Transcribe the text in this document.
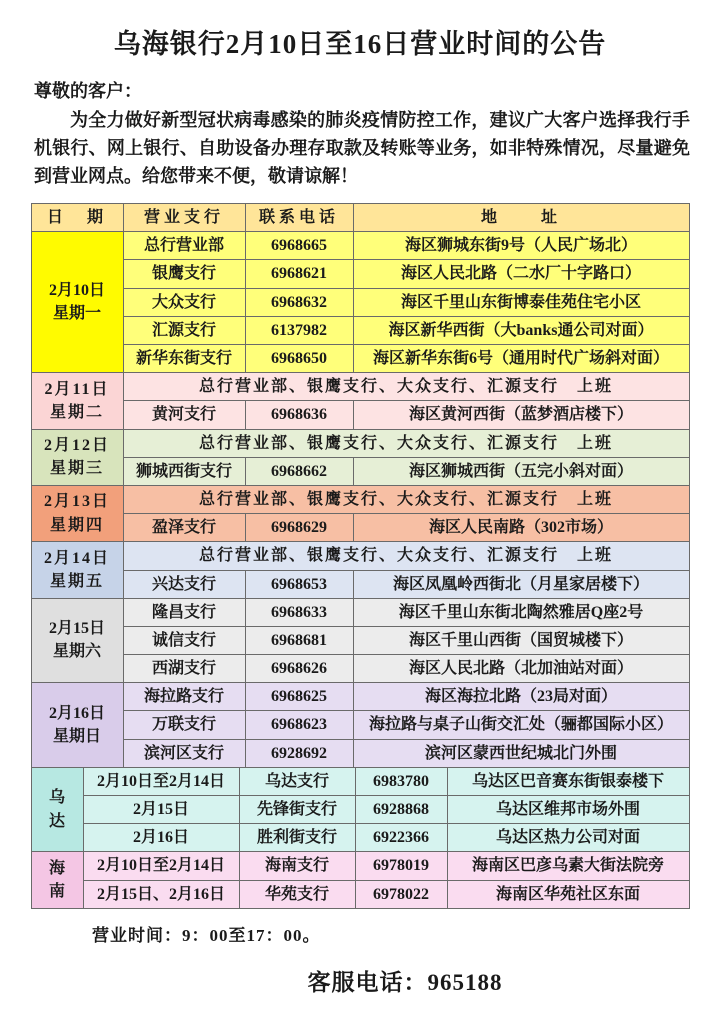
乌海银行2月10日至16日营业时间的公告
尊敬的客户：
为全力做好新型冠状病毒感染的肺炎疫情防控工作，建议广大客户选择我行手机银行、网上银行、自助设备办理存取款及转账等业务，如非特殊情况，尽量避免到营业网点。给您带来不便，敬请谅解！
日　期	营业支行	联系电话	地　　址

2月10日
星期一	总行营业部	6968665	海区狮城东街9号（人民广场北）
	银鹰支行	6968621	海区人民北路（二水厂十字路口）
	大众支行	6968632	海区千里山东街博泰佳苑住宅小区
	汇源支行	6137982	海区新华西街（大banks通公司对面）
	新华东街支行	6968650	海区新华东街6号（通用时代广场斜对面）

2月11日
星期二	总行营业部、银鹰支行、大众支行、汇源支行　上班		
	黄河支行	6968636	海区黄河西街（蓝梦酒店楼下）

2月12日
星期三	总行营业部、银鹰支行、大众支行、汇源支行　上班		
	狮城西街支行	6968662	海区狮城西街（五完小斜对面）

2月13日
星期四	总行营业部、银鹰支行、大众支行、汇源支行　上班		
	盈泽支行	6968629	海区人民南路（302市场）

2月14日
星期五	总行营业部、银鹰支行、大众支行、汇源支行　上班		
	兴达支行	6968653	海区凤凰岭西街北（月星家居楼下）

2月15日
星期六	隆昌支行	6968633	海区千里山东街北陶然雅居Q座2号
	诚信支行	6968681	海区千里山西街（国贸城楼下）
	西湖支行	6968626	海区人民北路（北加油站对面）

2月16日
星期日	海拉路支行	6968625	海区海拉北路（23局对面）
	万联支行	6968623	海拉路与桌子山街交汇处（骊都国际小区）
	滨河区支行	6928692	滨河区蒙西世纪城北门外围
乌
达	2月10日至2月14日	乌达支行	6983780	乌达区巴音赛东街银泰楼下
	2月15日	先锋街支行	6928868	乌达区维邦市场外围
	2月16日	胜利街支行	6922366	乌达区热力公司对面

海
南	2月10日至2月14日	海南支行	6978019	海南区巴彦乌素大街法院旁
	2月15日、2月16日	华苑支行	6978022	海南区华苑社区东面
营业时间：9：00至17：00。
客服电话：965188
